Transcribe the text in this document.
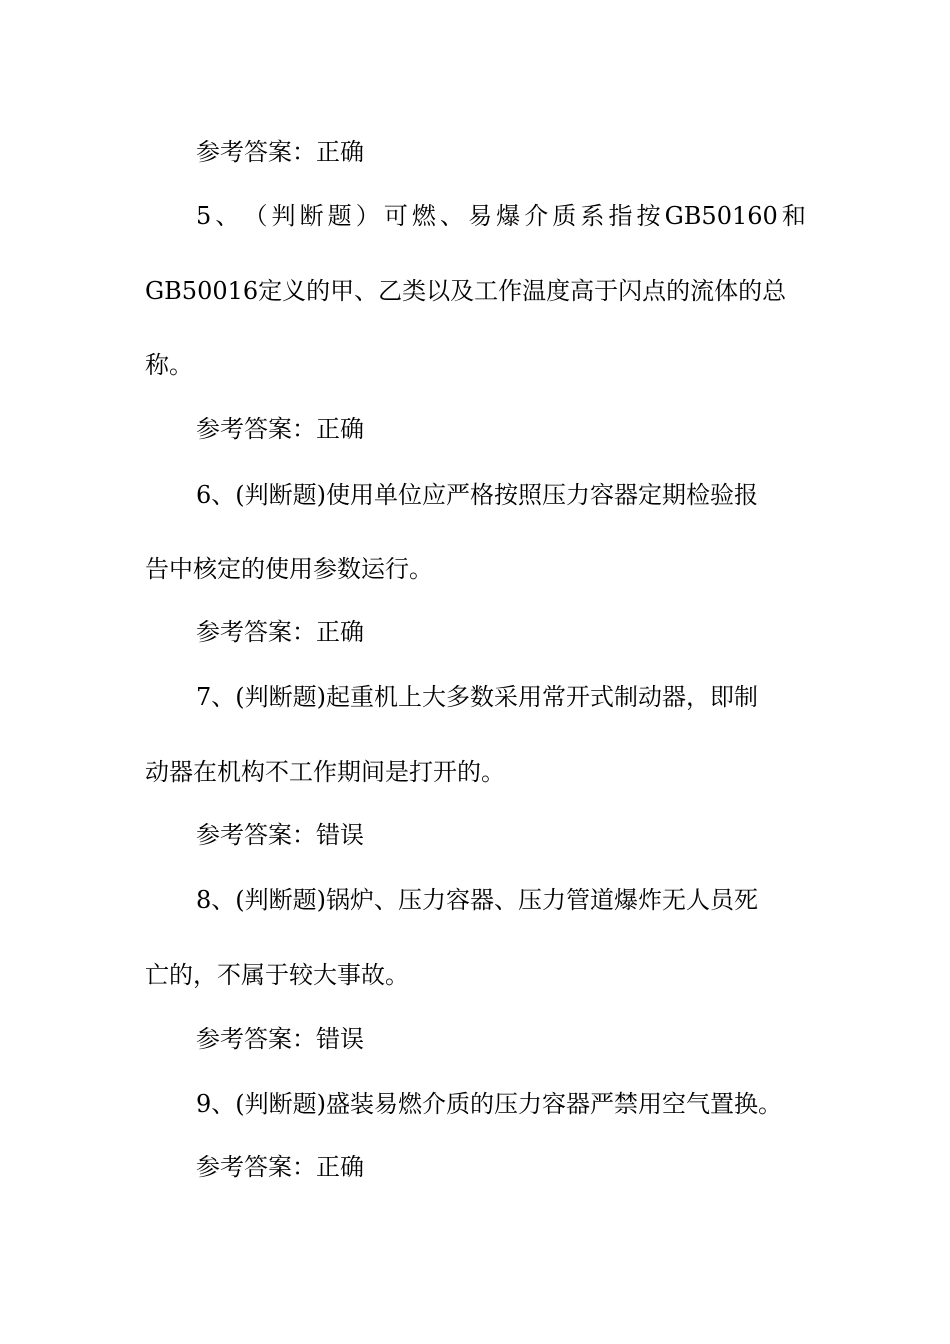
参考答案：正确
5 、 （ 判 断 题 ） 可 燃 、 易 爆 介 质 系 指 按 GB50160 和
GB50016定义的甲、乙类以及工作温度高于闪点的流体的总
称。
参考答案：正确
6、(判断题)使用单位应严格按照压力容器定期检验报
告中核定的使用参数运行。
参考答案：正确
7、(判断题)起重机上大多数采用常开式制动器，即制
动器在机构不工作期间是打开的。
参考答案：错误
8、(判断题)锅炉、压力容器、压力管道爆炸无人员死
亡的，不属于较大事故。
参考答案：错误
9、(判断题)盛装易燃介质的压力容器严禁用空气置换。
参考答案：正确
